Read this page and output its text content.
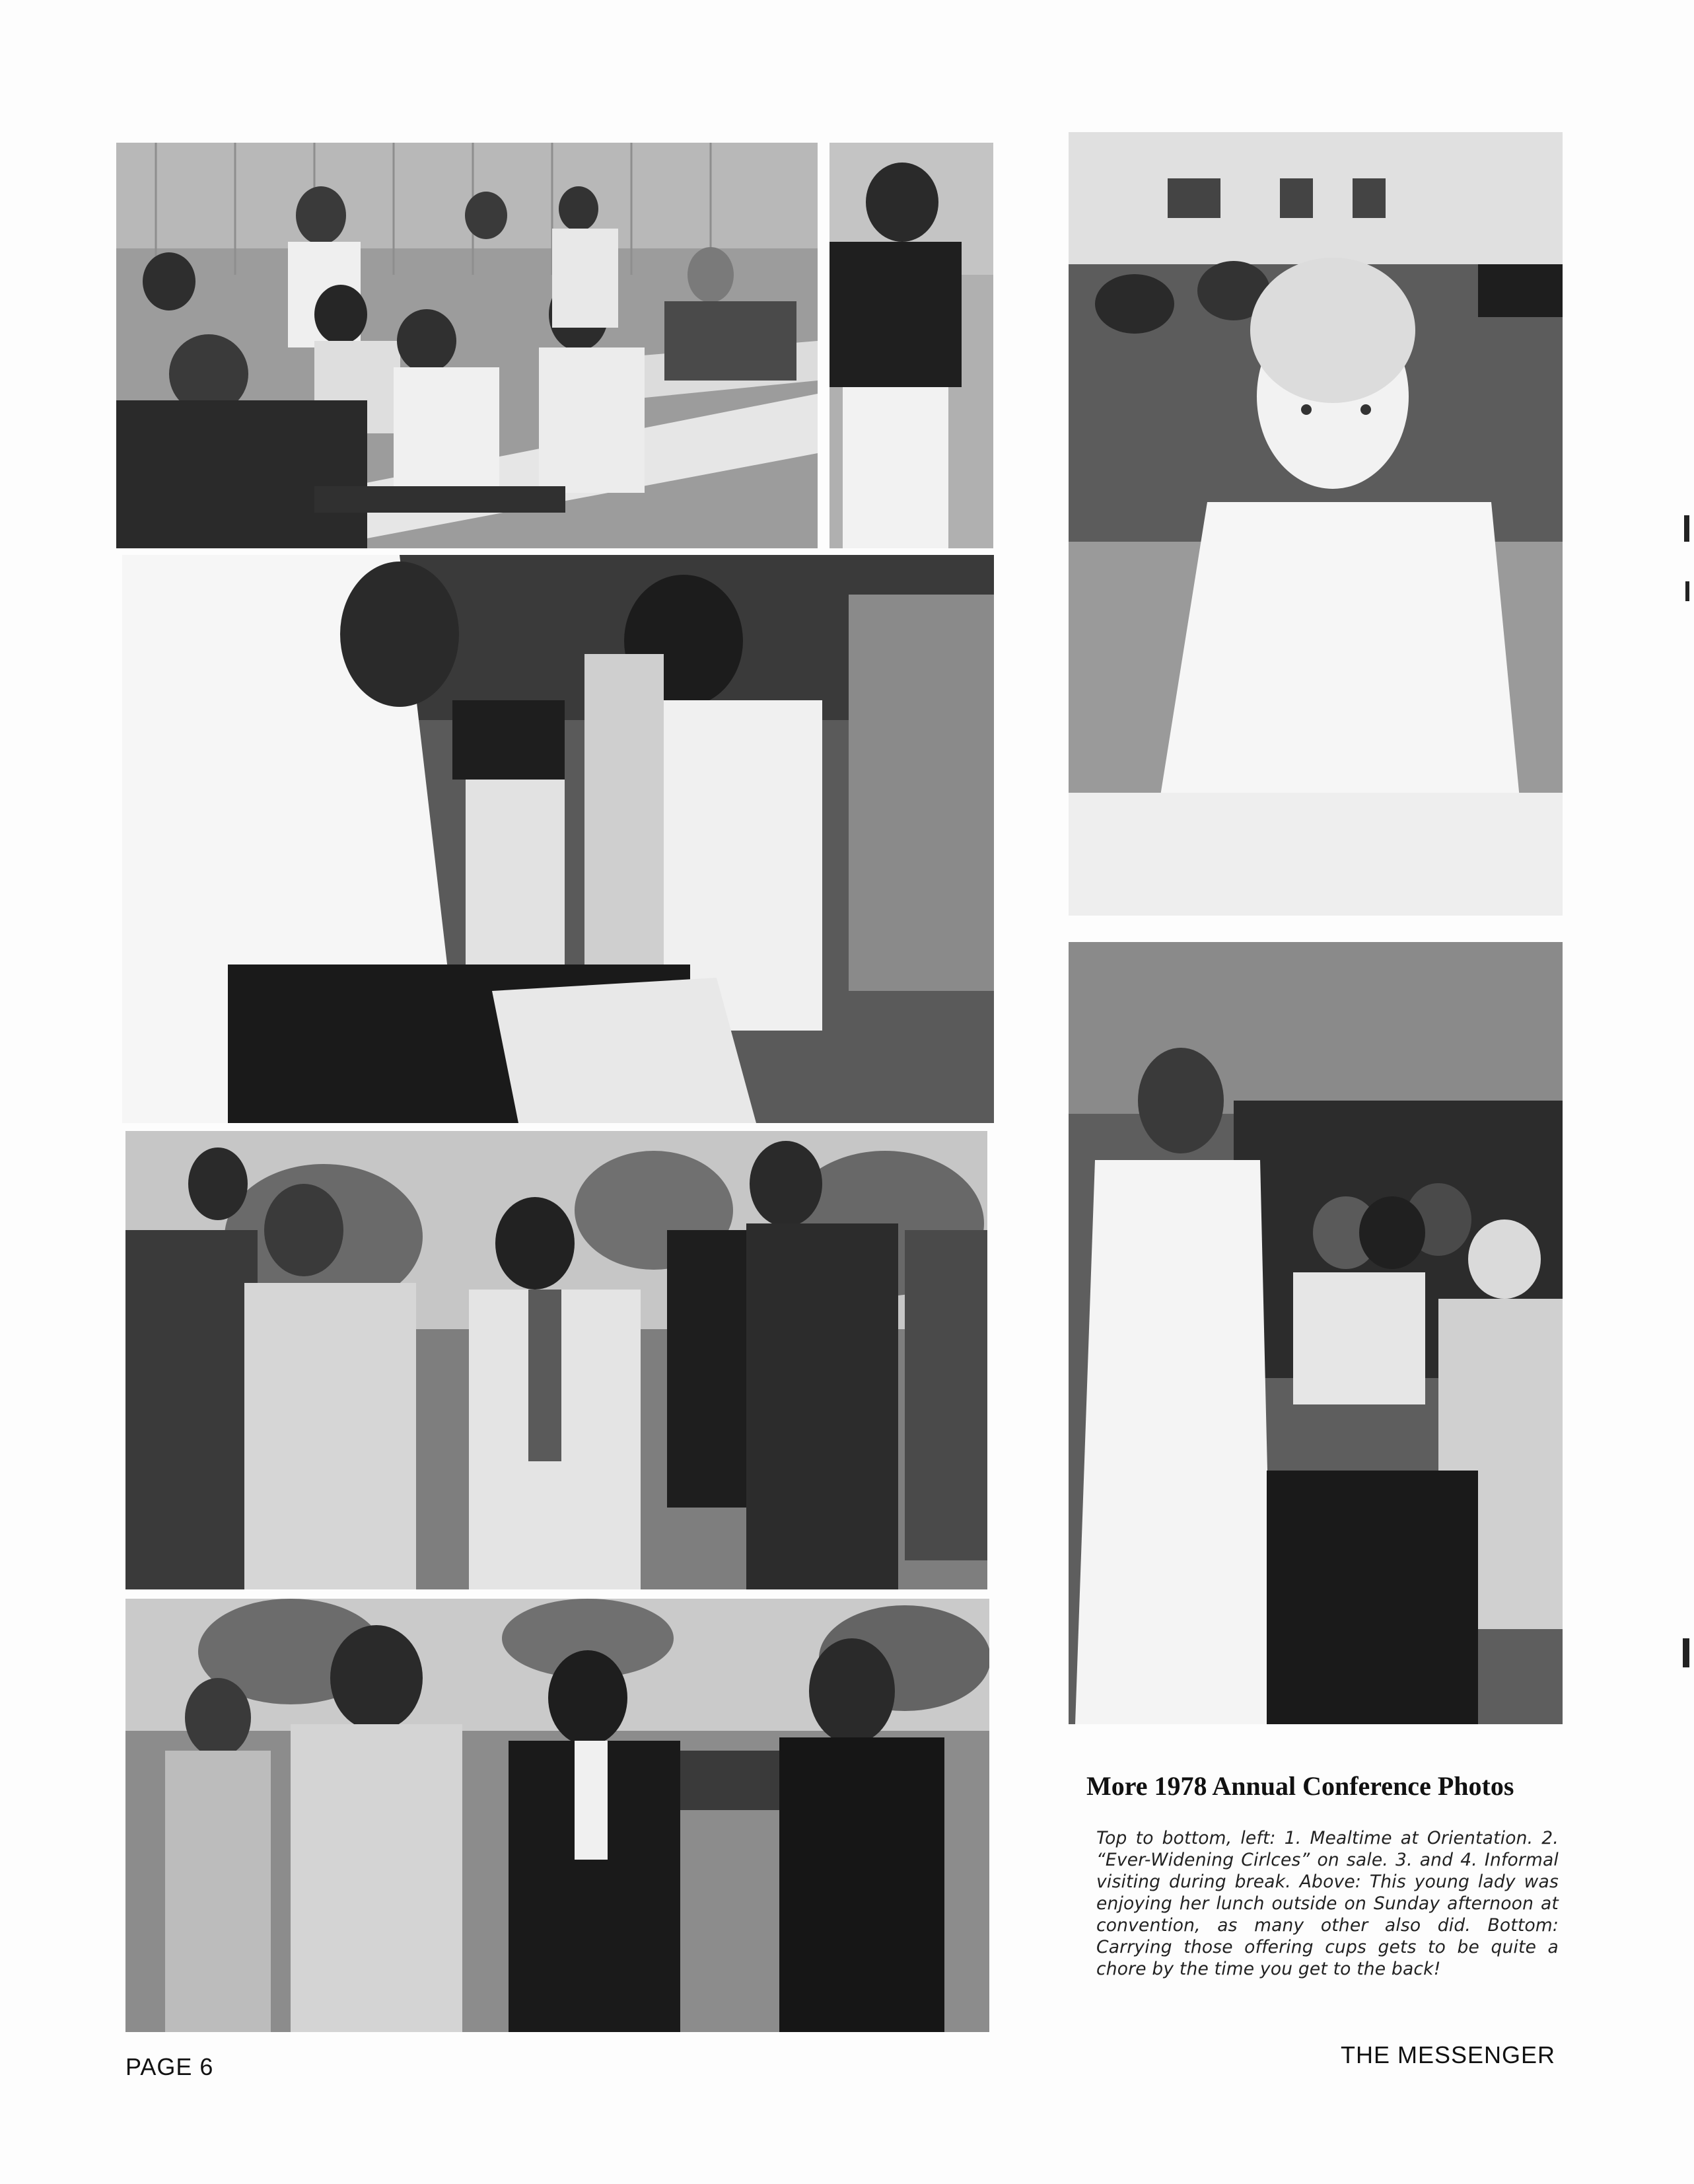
More 1978 Annual Conference Photos
Top to bottom, left: 1. Mealtime at Orientation. 2. “Ever-Widening Cirlces” on sale. 3. and 4. Informal visiting during break. Above: This young lady was enjoying her lunch outside on Sunday afternoon at convention, as many other also did. Bottom: Carrying those offering cups gets to be quite a chore by the time you get to the back!
PAGE 6	THE MESSENGER
